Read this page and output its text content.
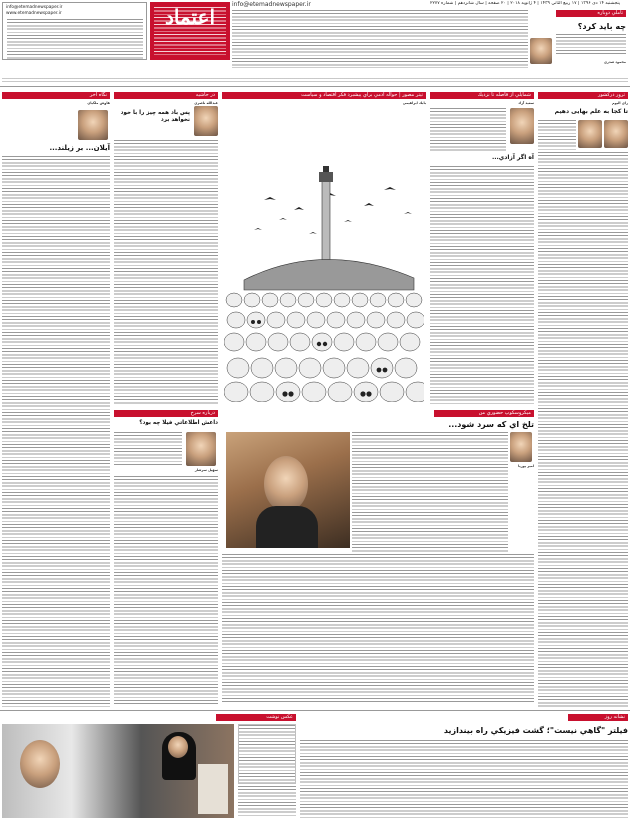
info@etemadnewspaper.ir
www.etemadnewspaper.ir
info@etemadnewspaper.ir	پنجشنبه ۱۴ دی ۱۳۹۶ | ۱۷ ربيع الثاني ۱۴۳۹ | ۴ ژانويه ۲۰۱۸ | ۲۰ صفحه | سال شانزدهم | شماره ۲۲۷۷
تاملي دوباره
چه بايد کرد؟
محمود صدري
اعتماد
ترور دركشور
راي الیوم
تا کجا به علم بهایی دهیم
شمايلي از فاصله تا نزديك
سعيد آزاد
آه اگر آزادي...
تيتر مصور | حواله آدمي براي پيشبرد فكر اقتصاد و سياست
بابك ابراهيمي
در حاشيه
عبدالله ناصري
پس باد همه چيز را با خود نخواهد برد
نگاه آخر
هاوش ملكيان
آيلان... بر زيلند...
ميكروسكوپ حضوري من
تلخ اي كه سرد شود...
امير پوريا
درباره سرخ
داعش اطلاعاتي فيلا چه بود؟
سهيل سرشار
نشانه روز
فيلتر "گاهي نيست"؛ گشت فيزيكي راه بيندازيد
عكس نوشت
